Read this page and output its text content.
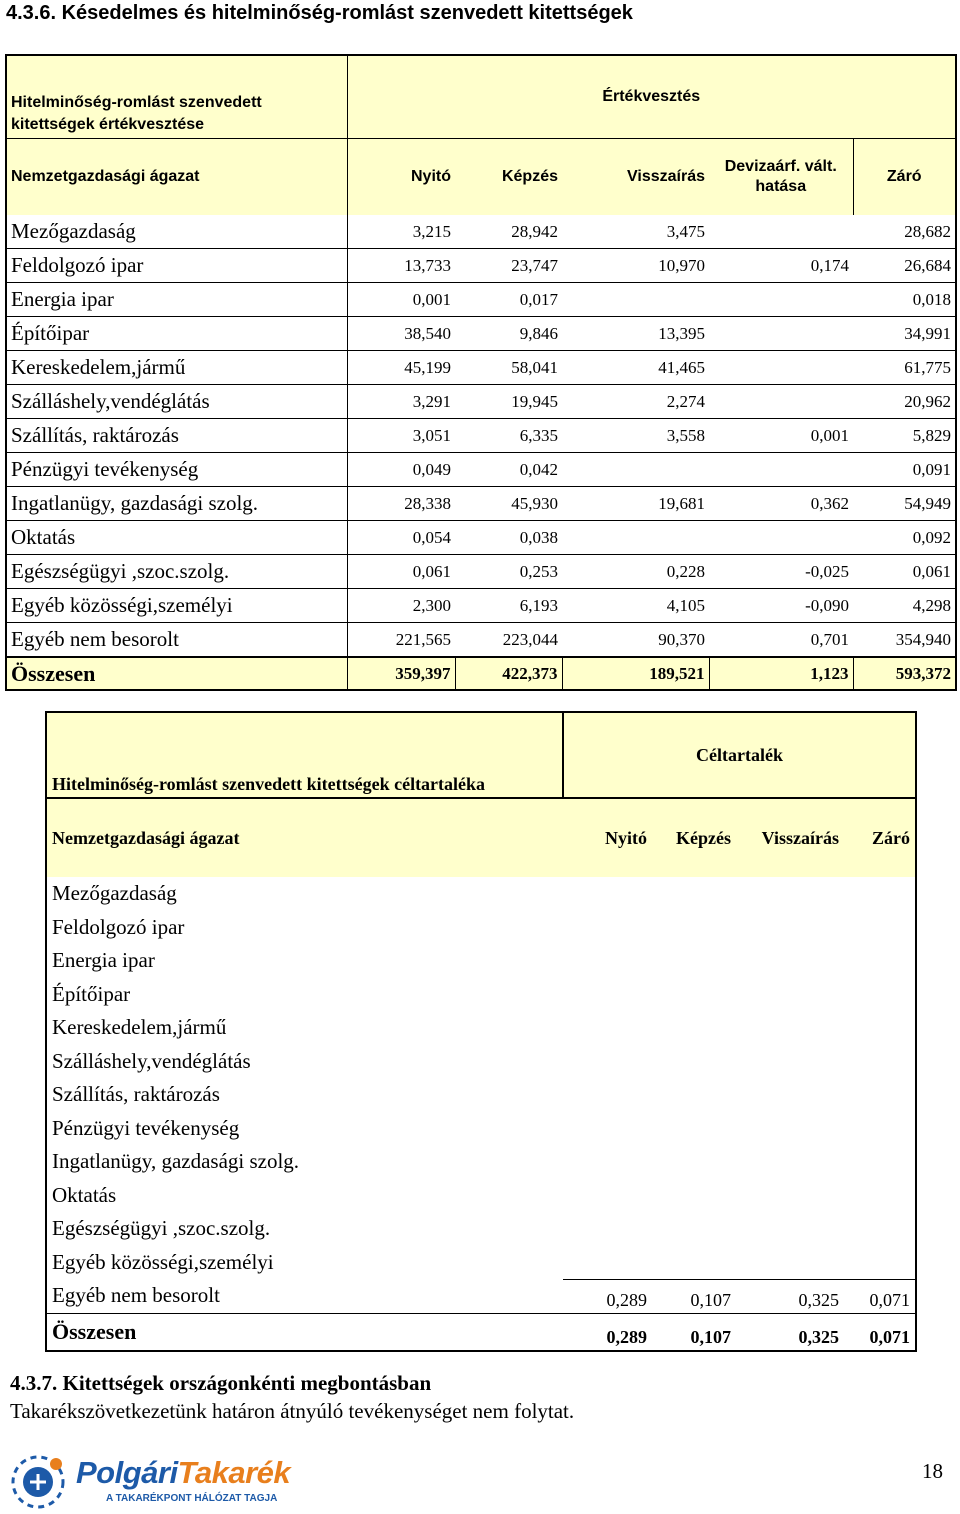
4.3.6. Késedelmes és hitelminőség-romlást szenvedett kitettségek
Hitelminőség-romlást szenvedett kitettségek értékvesztése	Értékvesztés				
Nemzetgazdasági ágazat	Nyitó	Képzés	Visszaírás	Devizaárf. vált. hatása	Záró
Mezőgazdaság	3,215	28,942	3,475		28,682
Feldolgozó ipar	13,733	23,747	10,970	0,174	26,684
Energia ipar	0,001	0,017			0,018
Építőipar	38,540	9,846	13,395		34,991
Kereskedelem,jármű	45,199	58,041	41,465		61,775
Szálláshely,vendéglátás	3,291	19,945	2,274		20,962
Szállítás, raktározás	3,051	6,335	3,558	0,001	5,829
Pénzügyi tevékenység	0,049	0,042			0,091
Ingatlanügy, gazdasági szolg.	28,338	45,930	19,681	0,362	54,949
Oktatás	0,054	0,038			0,092
Egészségügyi ,szoc.szolg.	0,061	0,253	0,228	-0,025	0,061
Egyéb közösségi,személyi	2,300	6,193	4,105	-0,090	4,298
Egyéb nem besorolt	221,565	223,044	90,370	0,701	354,940
Összesen	359,397	422,373	189,521	1,123	593,372
Hitelminőség-romlást szenvedett kitettségek céltartaléka	Céltartalék			
Nemzetgazdasági ágazat	Nyitó	Képzés	Visszaírás	Záró
Mezőgazdaság				
Feldolgozó ipar				
Energia ipar				
Építőipar				
Kereskedelem,jármű				
Szálláshely,vendéglátás				
Szállítás, raktározás				
Pénzügyi tevékenység				
Ingatlanügy, gazdasági szolg.				
Oktatás				
Egészségügyi ,szoc.szolg.				
Egyéb közösségi,személyi				
Egyéb nem besorolt	0,289	0,107	0,325	0,071
Összesen	0,289	0,107	0,325	0,071
4.3.7. Kitettségek országonkénti megbontásban
Takarékszövetkezetünk határon átnyúló tevékenységet nem folytat.
PolgáriTakarék
A TAKARÉKPONT HÁLÓZAT TAGJA
18
